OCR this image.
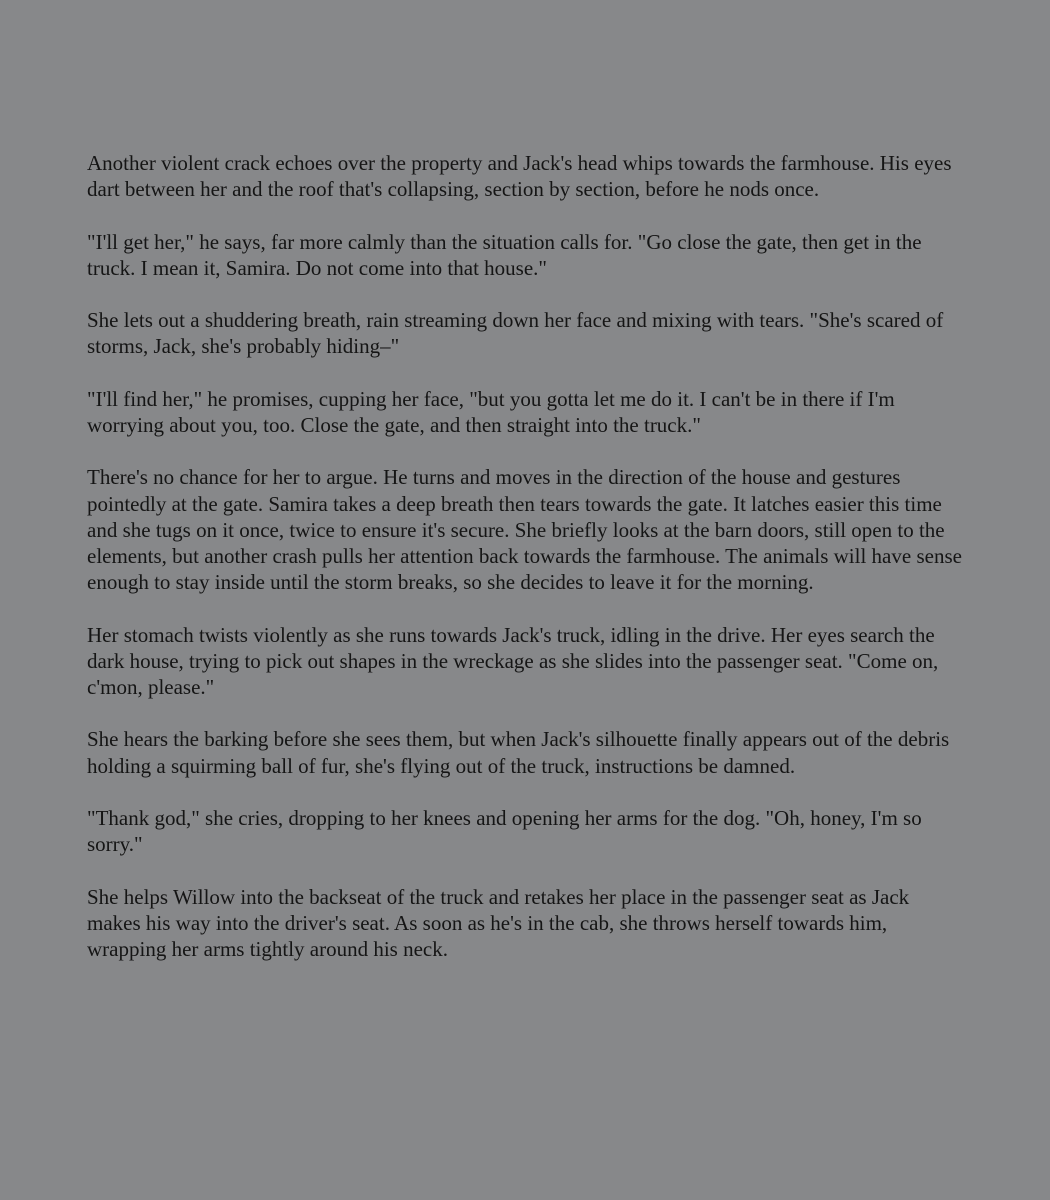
Another violent crack echoes over the property and Jack's head whips towards the farmhouse. His eyes dart between her and the roof that's collapsing, section by section, before he nods once.

"I'll get her," he says, far more calmly than the situation calls for. "Go close the gate, then get in the truck. I mean it, Samira. Do not come into that house."

She lets out a shuddering breath, rain streaming down her face and mixing with tears. "She's scared of storms, Jack, she's probably hiding–"

"I'll find her," he promises, cupping her face, "but you gotta let me do it. I can't be in there if I'm worrying about you, too. Close the gate, and then straight into the truck."

There's no chance for her to argue. He turns and moves in the direction of the house and gestures pointedly at the gate. Samira takes a deep breath then tears towards the gate. It latches easier this time and she tugs on it once, twice to ensure it's secure. She briefly looks at the barn doors, still open to the elements, but another crash pulls her attention back towards the farmhouse. The animals will have sense enough to stay inside until the storm breaks, so she decides to leave it for the morning.

Her stomach twists violently as she runs towards Jack's truck, idling in the drive. Her eyes search the dark house, trying to pick out shapes in the wreckage as she slides into the passenger seat. "Come on, c'mon, please."

She hears the barking before she sees them, but when Jack's silhouette finally appears out of the debris holding a squirming ball of fur, she's flying out of the truck, instructions be damned.

"Thank god," she cries, dropping to her knees and opening her arms for the dog. "Oh, honey, I'm so sorry."

She helps Willow into the backseat of the truck and retakes her place in the passenger seat as Jack makes his way into the driver's seat. As soon as he's in the cab, she throws herself towards him, wrapping her arms tightly around his neck.
